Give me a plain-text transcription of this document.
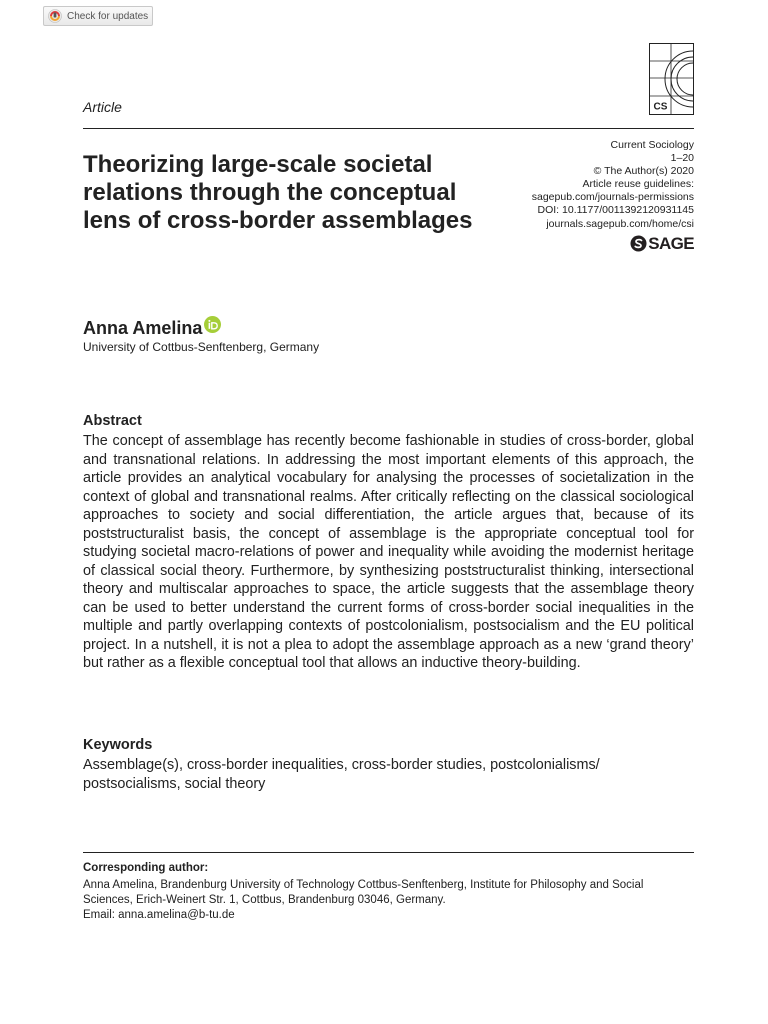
Check for updates
CS
Article
Theorizing large-scale societal relations through the conceptual lens of cross-border assemblages
Current Sociology
1–20
© The Author(s) 2020
Article reuse guidelines:
sagepub.com/journals-permissions
DOI: 10.1177/0011392120931145
journals.sagepub.com/home/csi
SAGE
Anna Amelina
University of Cottbus-Senftenberg, Germany
Abstract

The concept of assemblage has recently become fashionable in studies of cross-border, global and transnational relations. In addressing the most important elements of this approach, the article provides an analytical vocabulary for analysing the processes of societalization in the context of global and transnational realms. After critically reflecting on the classical sociological approaches to society and social differentiation, the article argues that, because of its poststructuralist basis, the concept of assemblage is the appropriate conceptual tool for studying societal macro-relations of power and inequality while avoiding the modernist heritage of classical social theory. Furthermore, by synthesizing poststructuralist thinking, intersectional theory and multiscalar approaches to space, the article suggests that the assemblage theory can be used to better understand the current forms of cross-border social inequalities in the multiple and partly overlapping contexts of postcolonialism, postsocialism and the EU political project. In a nutshell, it is not a plea to adopt the assemblage approach as a new ‘grand theory’ but rather as a flexible conceptual tool that allows an inductive theory-building.

Keywords

Assemblage(s), cross-border inequalities, cross-border studies, postcolonialisms/ postsocialisms, social theory

Corresponding author:
Anna Amelina, Brandenburg University of Technology Cottbus-Senftenberg, Institute for Philosophy and Social Sciences, Erich-Weinert Str. 1, Cottbus, Brandenburg 03046, Germany.
Email: anna.amelina@b-tu.de
